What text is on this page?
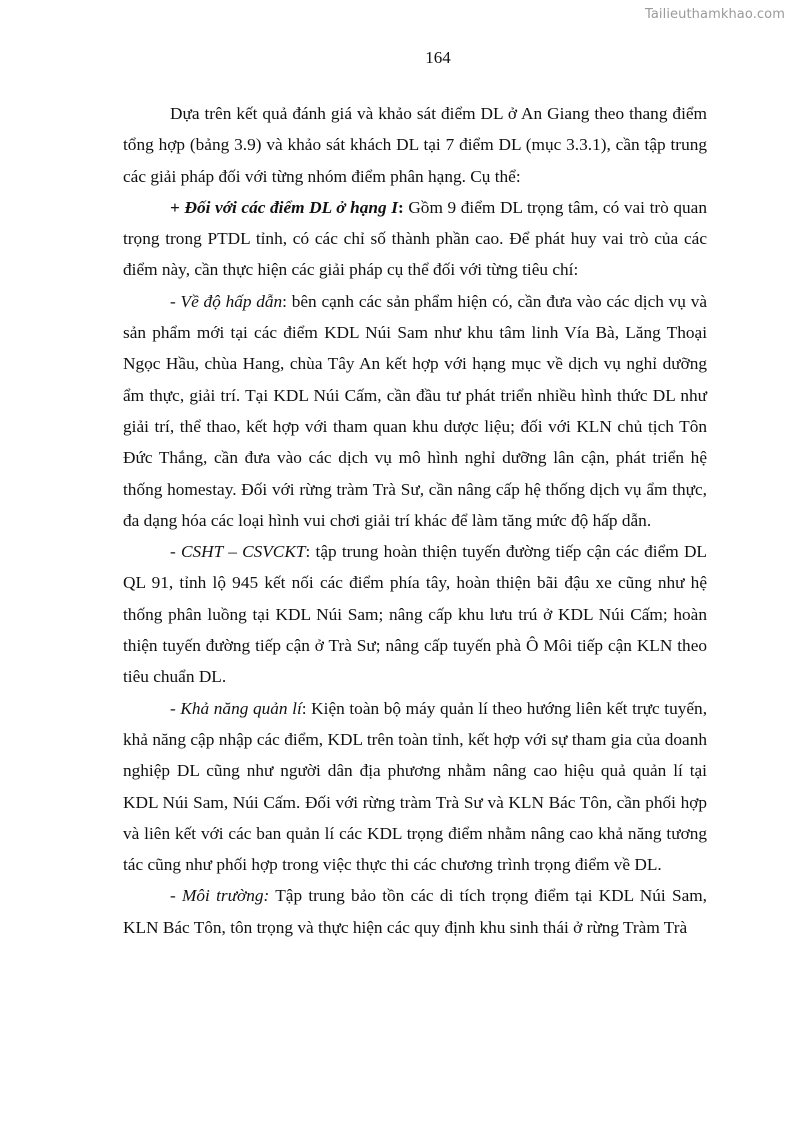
Tailieuthamkhao.com
164

Dựa trên kết quả đánh giá và khảo sát điểm DL ở An Giang theo thang điểm tổng hợp (bảng 3.9) và khảo sát khách DL tại 7 điểm DL (mục 3.3.1), cần tập trung các giải pháp đối với từng nhóm điểm phân hạng. Cụ thể:

+ Đối với các điểm DL ở hạng I: Gồm 9 điểm DL trọng tâm, có vai trò quan trọng trong PTDL tỉnh, có các chỉ số thành phần cao. Để phát huy vai trò của các điểm này, cần thực hiện các giải pháp cụ thể đối với từng tiêu chí:

- Về độ hấp dẫn: bên cạnh các sản phẩm hiện có, cần đưa vào các dịch vụ và sản phẩm mới tại các điểm KDL Núi Sam như khu tâm linh Vía Bà, Lăng Thoại Ngọc Hầu, chùa Hang, chùa Tây An kết hợp với hạng mục về dịch vụ nghỉ dưỡng ẩm thực, giải trí. Tại KDL Núi Cấm, cần đầu tư phát triển nhiều hình thức DL như giải trí, thể thao, kết hợp với tham quan khu dược liệu; đối với KLN chủ tịch Tôn Đức Thắng, cần đưa vào các dịch vụ mô hình nghỉ dưỡng lân cận, phát triển hệ thống homestay. Đối với rừng tràm Trà Sư, cần nâng cấp hệ thống dịch vụ ẩm thực, đa dạng hóa các loại hình vui chơi giải trí khác để làm tăng mức độ hấp dẫn.

- CSHT – CSVCKT: tập trung hoàn thiện tuyến đường tiếp cận các điểm DL QL 91, tỉnh lộ 945 kết nối các điểm phía tây, hoàn thiện bãi đậu xe cũng như hệ thống phân luồng tại KDL Núi Sam; nâng cấp khu lưu trú ở KDL Núi Cấm; hoàn thiện tuyến đường tiếp cận ở Trà Sư; nâng cấp tuyến phà Ô Môi tiếp cận KLN theo tiêu chuẩn DL.

- Khả năng quản lí: Kiện toàn bộ máy quản lí theo hướng liên kết trực tuyến, khả năng cập nhập các điểm, KDL trên toàn tỉnh, kết hợp với sự tham gia của doanh nghiệp DL cũng như người dân địa phương nhằm nâng cao hiệu quả quản lí tại KDL Núi Sam, Núi Cấm. Đối với rừng tràm Trà Sư và KLN Bác Tôn, cần phối hợp và liên kết với các ban quản lí các KDL trọng điểm nhằm nâng cao khả năng tương tác cũng như phối hợp trong việc thực thi các chương trình trọng điểm về DL.

- Môi trường: Tập trung bảo tồn các di tích trọng điểm tại KDL Núi Sam, KLN Bác Tôn, tôn trọng và thực hiện các quy định khu sinh thái ở rừng Tràm Trà
